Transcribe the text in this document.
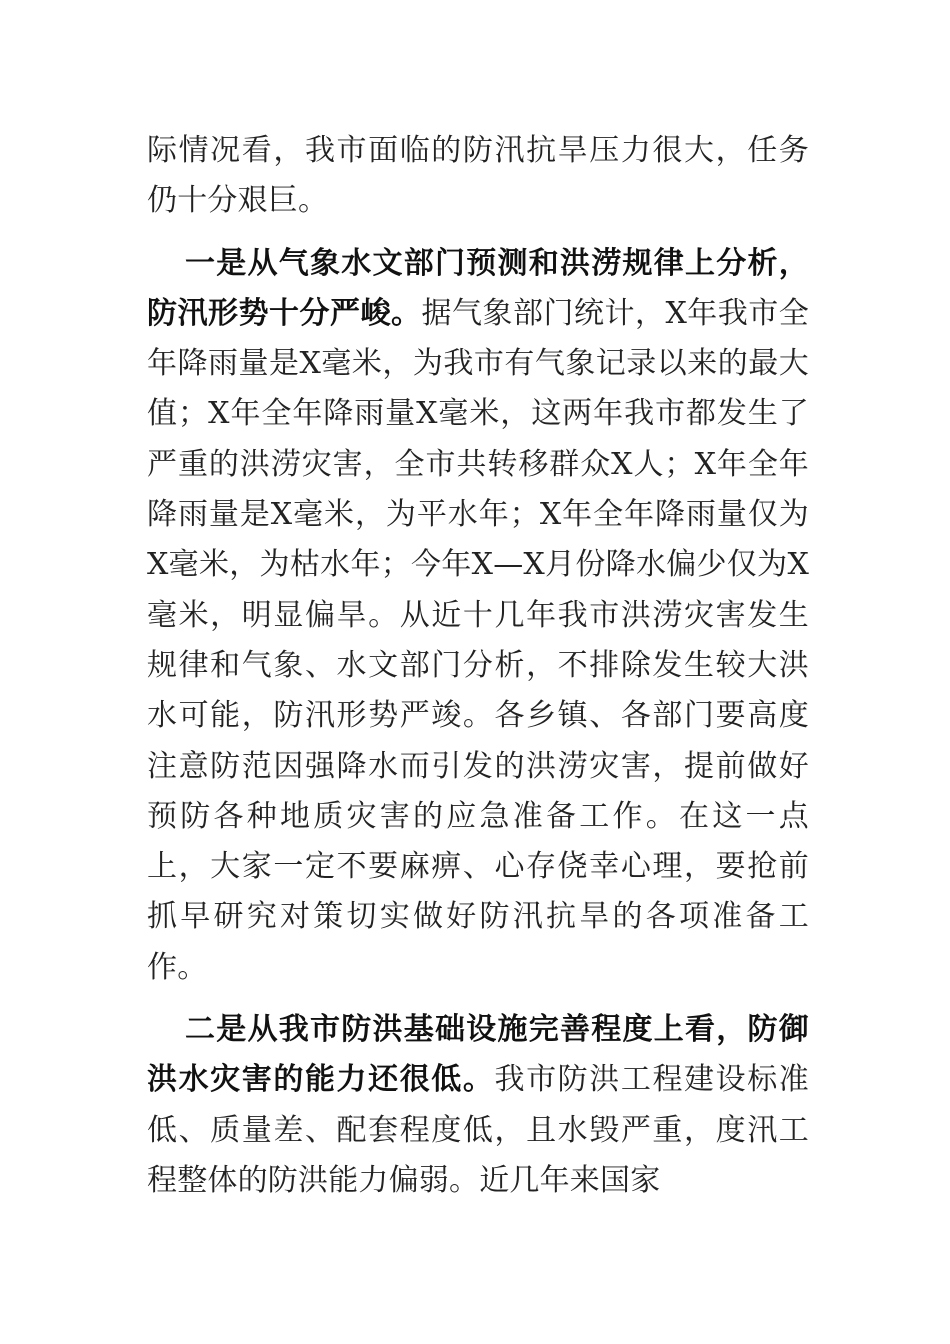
际情况看，我市面临的防汛抗旱压力很大，任务仍十分艰巨。

一是从气象水文部门预测和洪涝规律上分析，防汛形势十分严峻。据气象部门统计，X年我市全年降雨量是X毫米，为我市有气象记录以来的最大值；X年全年降雨量X毫米，这两年我市都发生了严重的洪涝灾害，全市共转移群众X人；X年全年降雨量是X毫米，为平水年；X年全年降雨量仅为X毫米，为枯水年；今年X—X月份降水偏少仅为X毫米，明显偏旱。从近十几年我市洪涝灾害发生规律和气象、水文部门分析，不排除发生较大洪水可能，防汛形势严竣。各乡镇、各部门要高度注意防范因强降水而引发的洪涝灾害，提前做好预防各种地质灾害的应急准备工作。在这一点上，大家一定不要麻痹、心存侥幸心理，要抢前抓早研究对策切实做好防汛抗旱的各项准备工作。

二是从我市防洪基础设施完善程度上看，防御洪水灾害的能力还很低。我市防洪工程建设标准低、质量差、配套程度低，且水毁严重，度汛工程整体的防洪能力偏弱。近几年来国家
